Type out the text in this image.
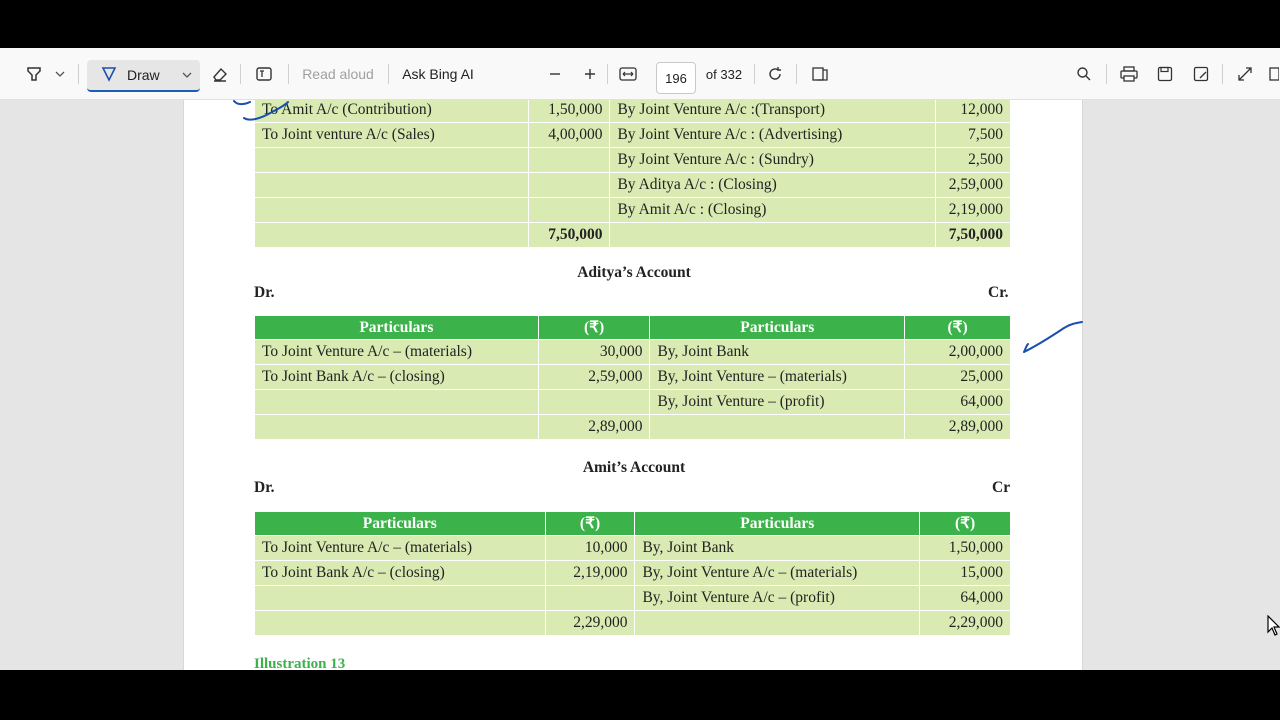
Draw	Read aloud Ask Bing AI	196	of 332
To Amit A/c (Contribution)	1,50,000	By Joint Venture A/c :(Transport)	12,000
To Joint venture A/c (Sales)	4,00,000	By Joint Venture A/c : (Advertising)	7,500
		By Joint Venture A/c : (Sundry)	2,500
		By Aditya A/c : (Closing)	2,59,000
		By Amit A/c : (Closing)	2,19,000
	7,50,000		7,50,000
Aditya’s Account
Dr.	Cr.
Particulars	(₹)	Particulars	(₹)
To Joint Venture A/c – (materials)	30,000	By, Joint Bank	2,00,000
To Joint Bank A/c – (closing)	2,59,000	By, Joint Venture – (materials)	25,000
		By, Joint Venture – (profit)	64,000
	2,89,000		2,89,000
Amit’s Account
Dr.	Cr
Particulars	(₹)	Particulars	(₹)
To Joint Venture A/c – (materials)	10,000	By, Joint Bank	1,50,000
To Joint Bank A/c – (closing)	2,19,000	By, Joint Venture A/c – (materials)	15,000
		By, Joint Venture A/c – (profit)	64,000
	2,29,000		2,29,000
Illustration 13
